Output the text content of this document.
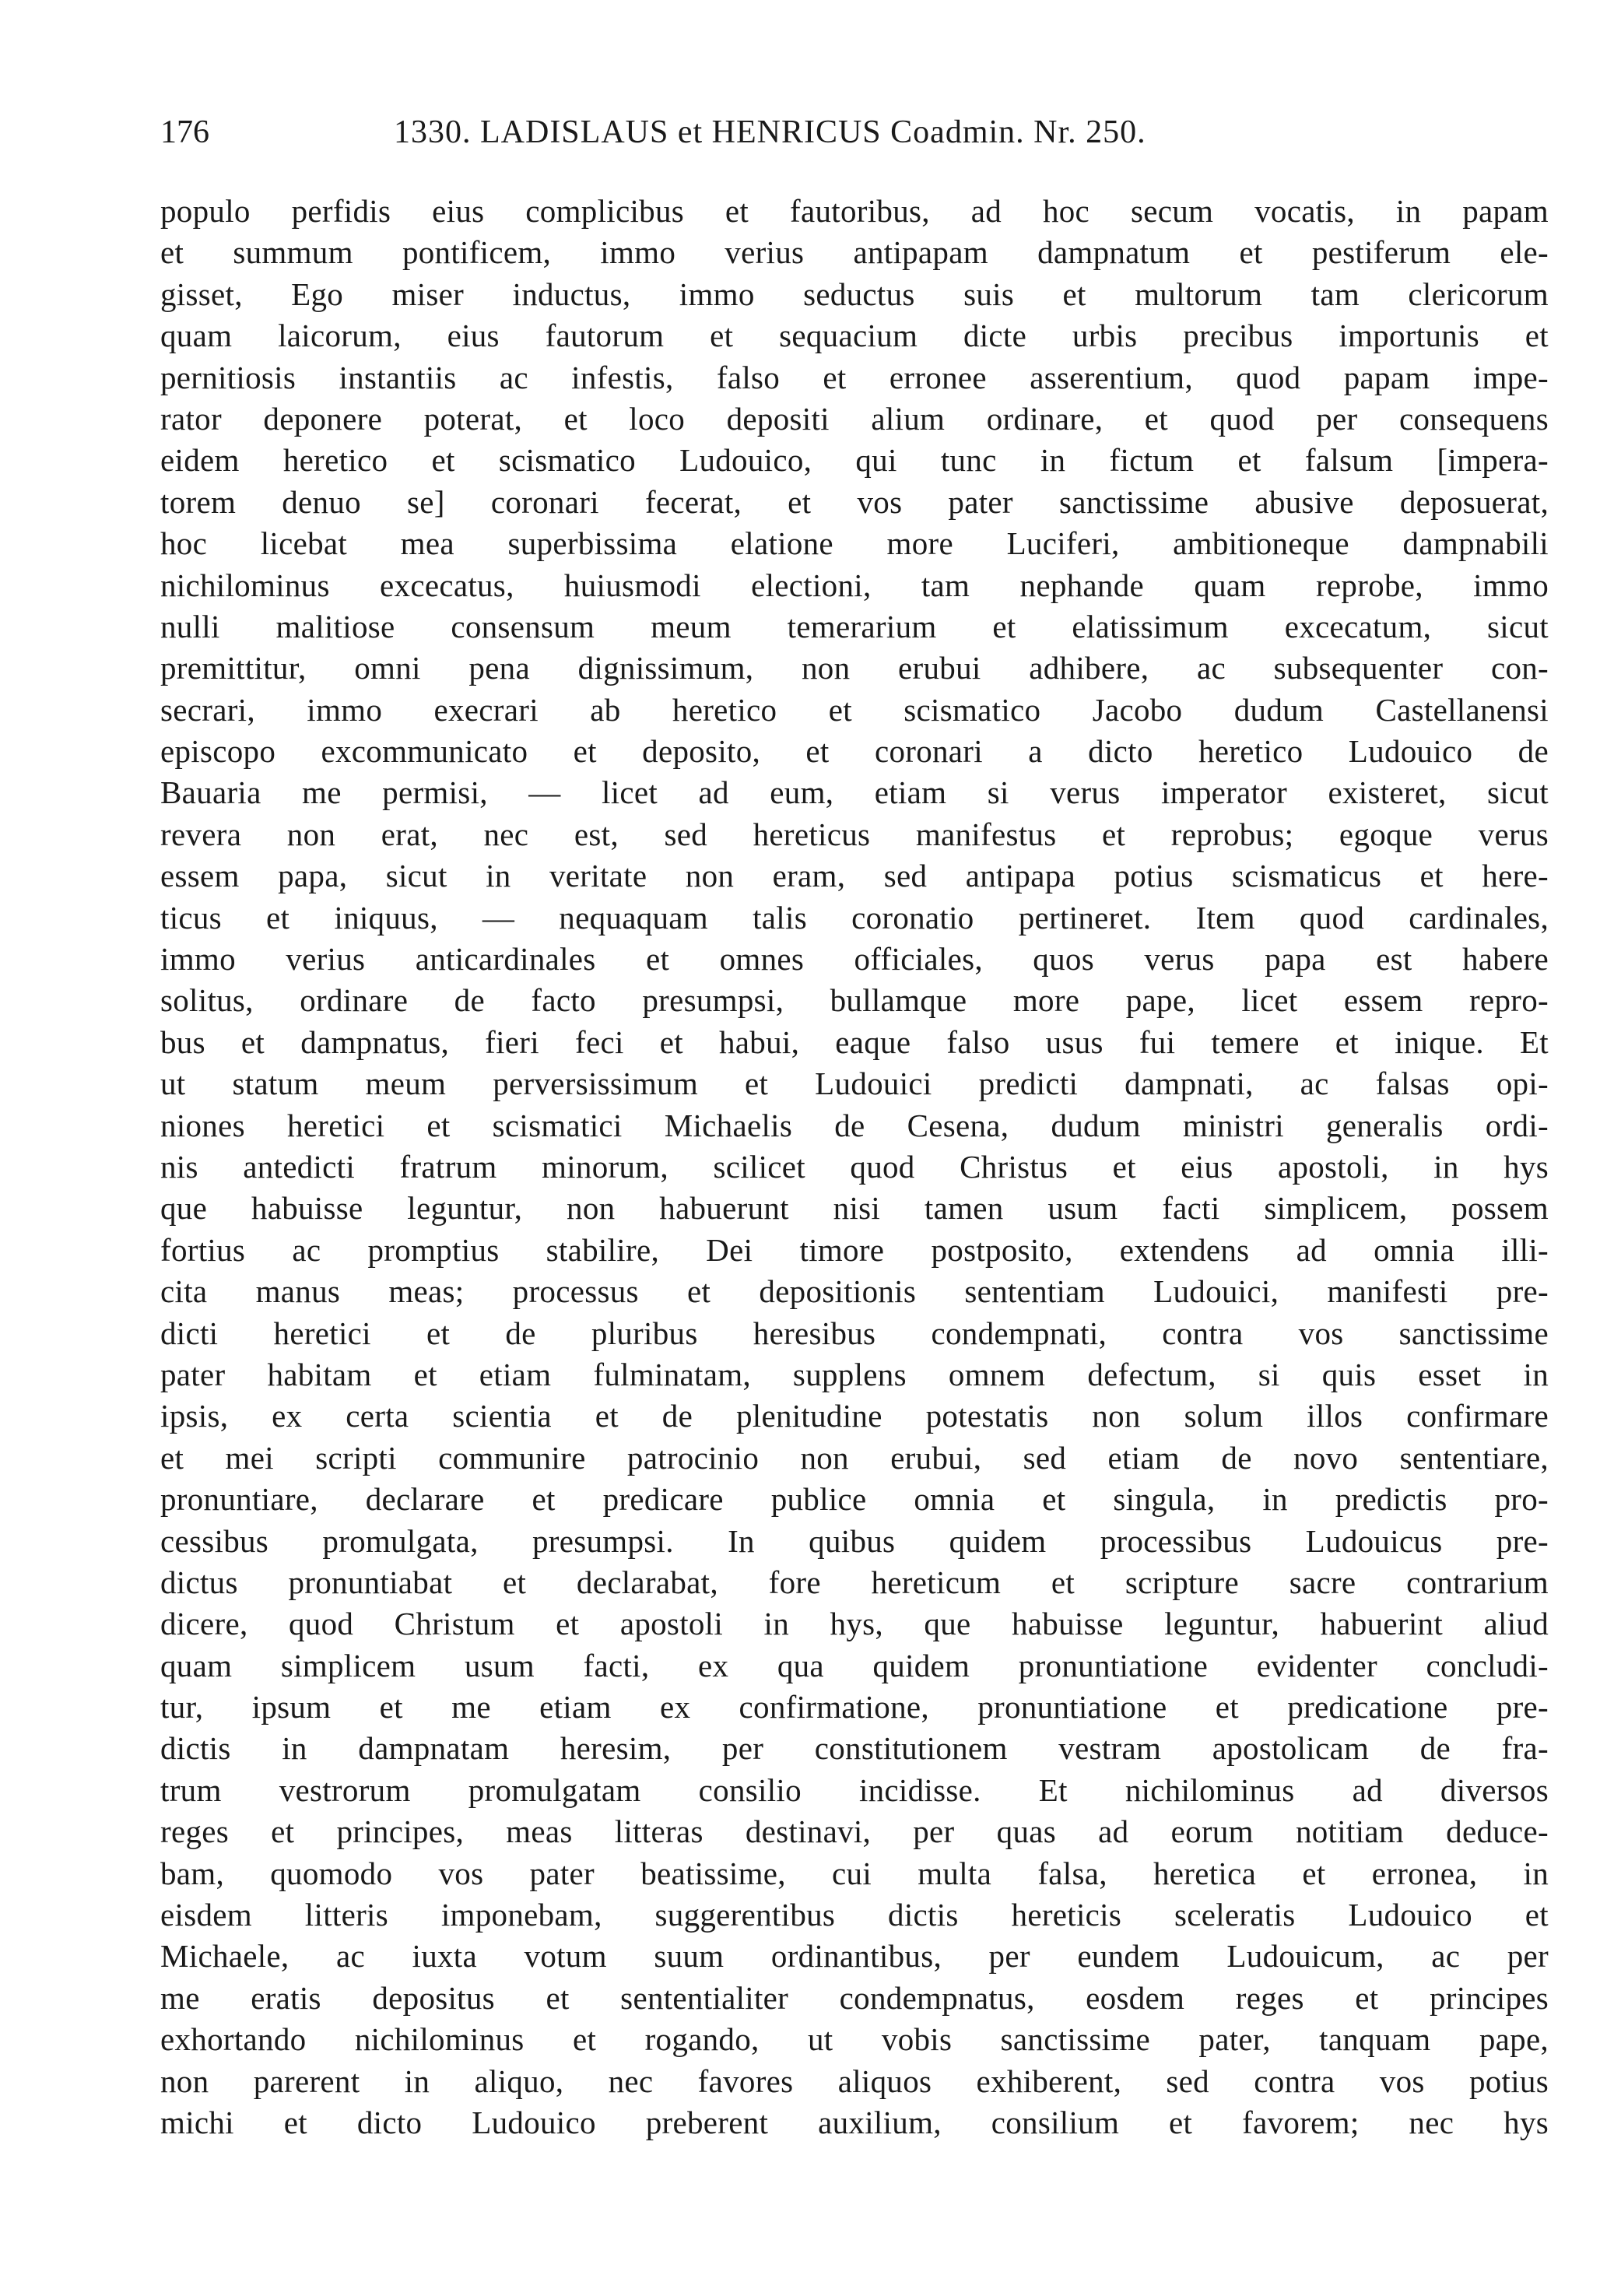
176	1330. LADISLAUS et HENRICUS Coadmin. Nr. 250.
populo perfidis eius complicibus et fautoribus, ad hoc secum vocatis, in papam
et summum pontificem, immo verius antipapam dampnatum et pestiferum ele-
gisset, Ego miser inductus, immo seductus suis et multorum tam clericorum
quam laicorum, eius fautorum et sequacium dicte urbis precibus importunis et
pernitiosis instantiis ac infestis, falso et erronee asserentium, quod papam impe-
rator deponere poterat, et loco depositi alium ordinare, et quod per consequens
eidem heretico et scismatico Ludouico, qui tunc in fictum et falsum [impera-
torem denuo se] coronari fecerat, et vos pater sanctissime abusive deposuerat,
hoc licebat mea superbissima elatione more Luciferi, ambitioneque dampnabili
nichilominus excecatus, huiusmodi electioni, tam nephande quam reprobe, immo
nulli malitiose consensum meum temerarium et elatissimum excecatum, sicut
premittitur, omni pena dignissimum, non erubui adhibere, ac subsequenter con-
secrari, immo execrari ab heretico et scismatico Jacobo dudum Castellanensi
episcopo excommunicato et deposito, et coronari a dicto heretico Ludouico de
Bauaria me permisi, — licet ad eum, etiam si verus imperator existeret, sicut
revera non erat, nec est, sed hereticus manifestus et reprobus; egoque verus
essem papa, sicut in veritate non eram, sed antipapa potius scismaticus et here-
ticus et iniquus, — nequaquam talis coronatio pertineret. Item quod cardinales,
immo verius anticardinales et omnes officiales, quos verus papa est habere
solitus, ordinare de facto presumpsi, bullamque more pape, licet essem repro-
bus et dampnatus, fieri feci et habui, eaque falso usus fui temere et inique. Et
ut statum meum perversissimum et Ludouici predicti dampnati, ac falsas opi-
niones heretici et scismatici Michaelis de Cesena, dudum ministri generalis ordi-
nis antedicti fratrum minorum, scilicet quod Christus et eius apostoli, in hys
que habuisse leguntur, non habuerunt nisi tamen usum facti simplicem, possem
fortius ac promptius stabilire, Dei timore postposito, extendens ad omnia illi-
cita manus meas; processus et depositionis sententiam Ludouici, manifesti pre-
dicti heretici et de pluribus heresibus condempnati, contra vos sanctissime
pater habitam et etiam fulminatam, supplens omnem defectum, si quis esset in
ipsis, ex certa scientia et de plenitudine potestatis non solum illos confirmare
et mei scripti communire patrocinio non erubui, sed etiam de novo sententiare,
pronuntiare, declarare et predicare publice omnia et singula, in predictis pro-
cessibus promulgata, presumpsi. In quibus quidem processibus Ludouicus pre-
dictus pronuntiabat et declarabat, fore hereticum et scripture sacre contrarium
dicere, quod Christum et apostoli in hys, que habuisse leguntur, habuerint aliud
quam simplicem usum facti, ex qua quidem pronuntiatione evidenter concludi-
tur, ipsum et me etiam ex confirmatione, pronuntiatione et predicatione pre-
dictis in dampnatam heresim, per constitutionem vestram apostolicam de fra-
trum vestrorum promulgatam consilio incidisse. Et nichilominus ad diversos
reges et principes, meas litteras destinavi, per quas ad eorum notitiam deduce-
bam, quomodo vos pater beatissime, cui multa falsa, heretica et erronea, in
eisdem litteris imponebam, suggerentibus dictis hereticis sceleratis Ludouico et
Michaele, ac iuxta votum suum ordinantibus, per eundem Ludouicum, ac per
me eratis depositus et sententialiter condempnatus, eosdem reges et principes
exhortando nichilominus et rogando, ut vobis sanctissime pater, tanquam pape,
non parerent in aliquo, nec favores aliquos exhiberent, sed contra vos potius
michi et dicto Ludouico preberent auxilium, consilium et favorem; nec hys
